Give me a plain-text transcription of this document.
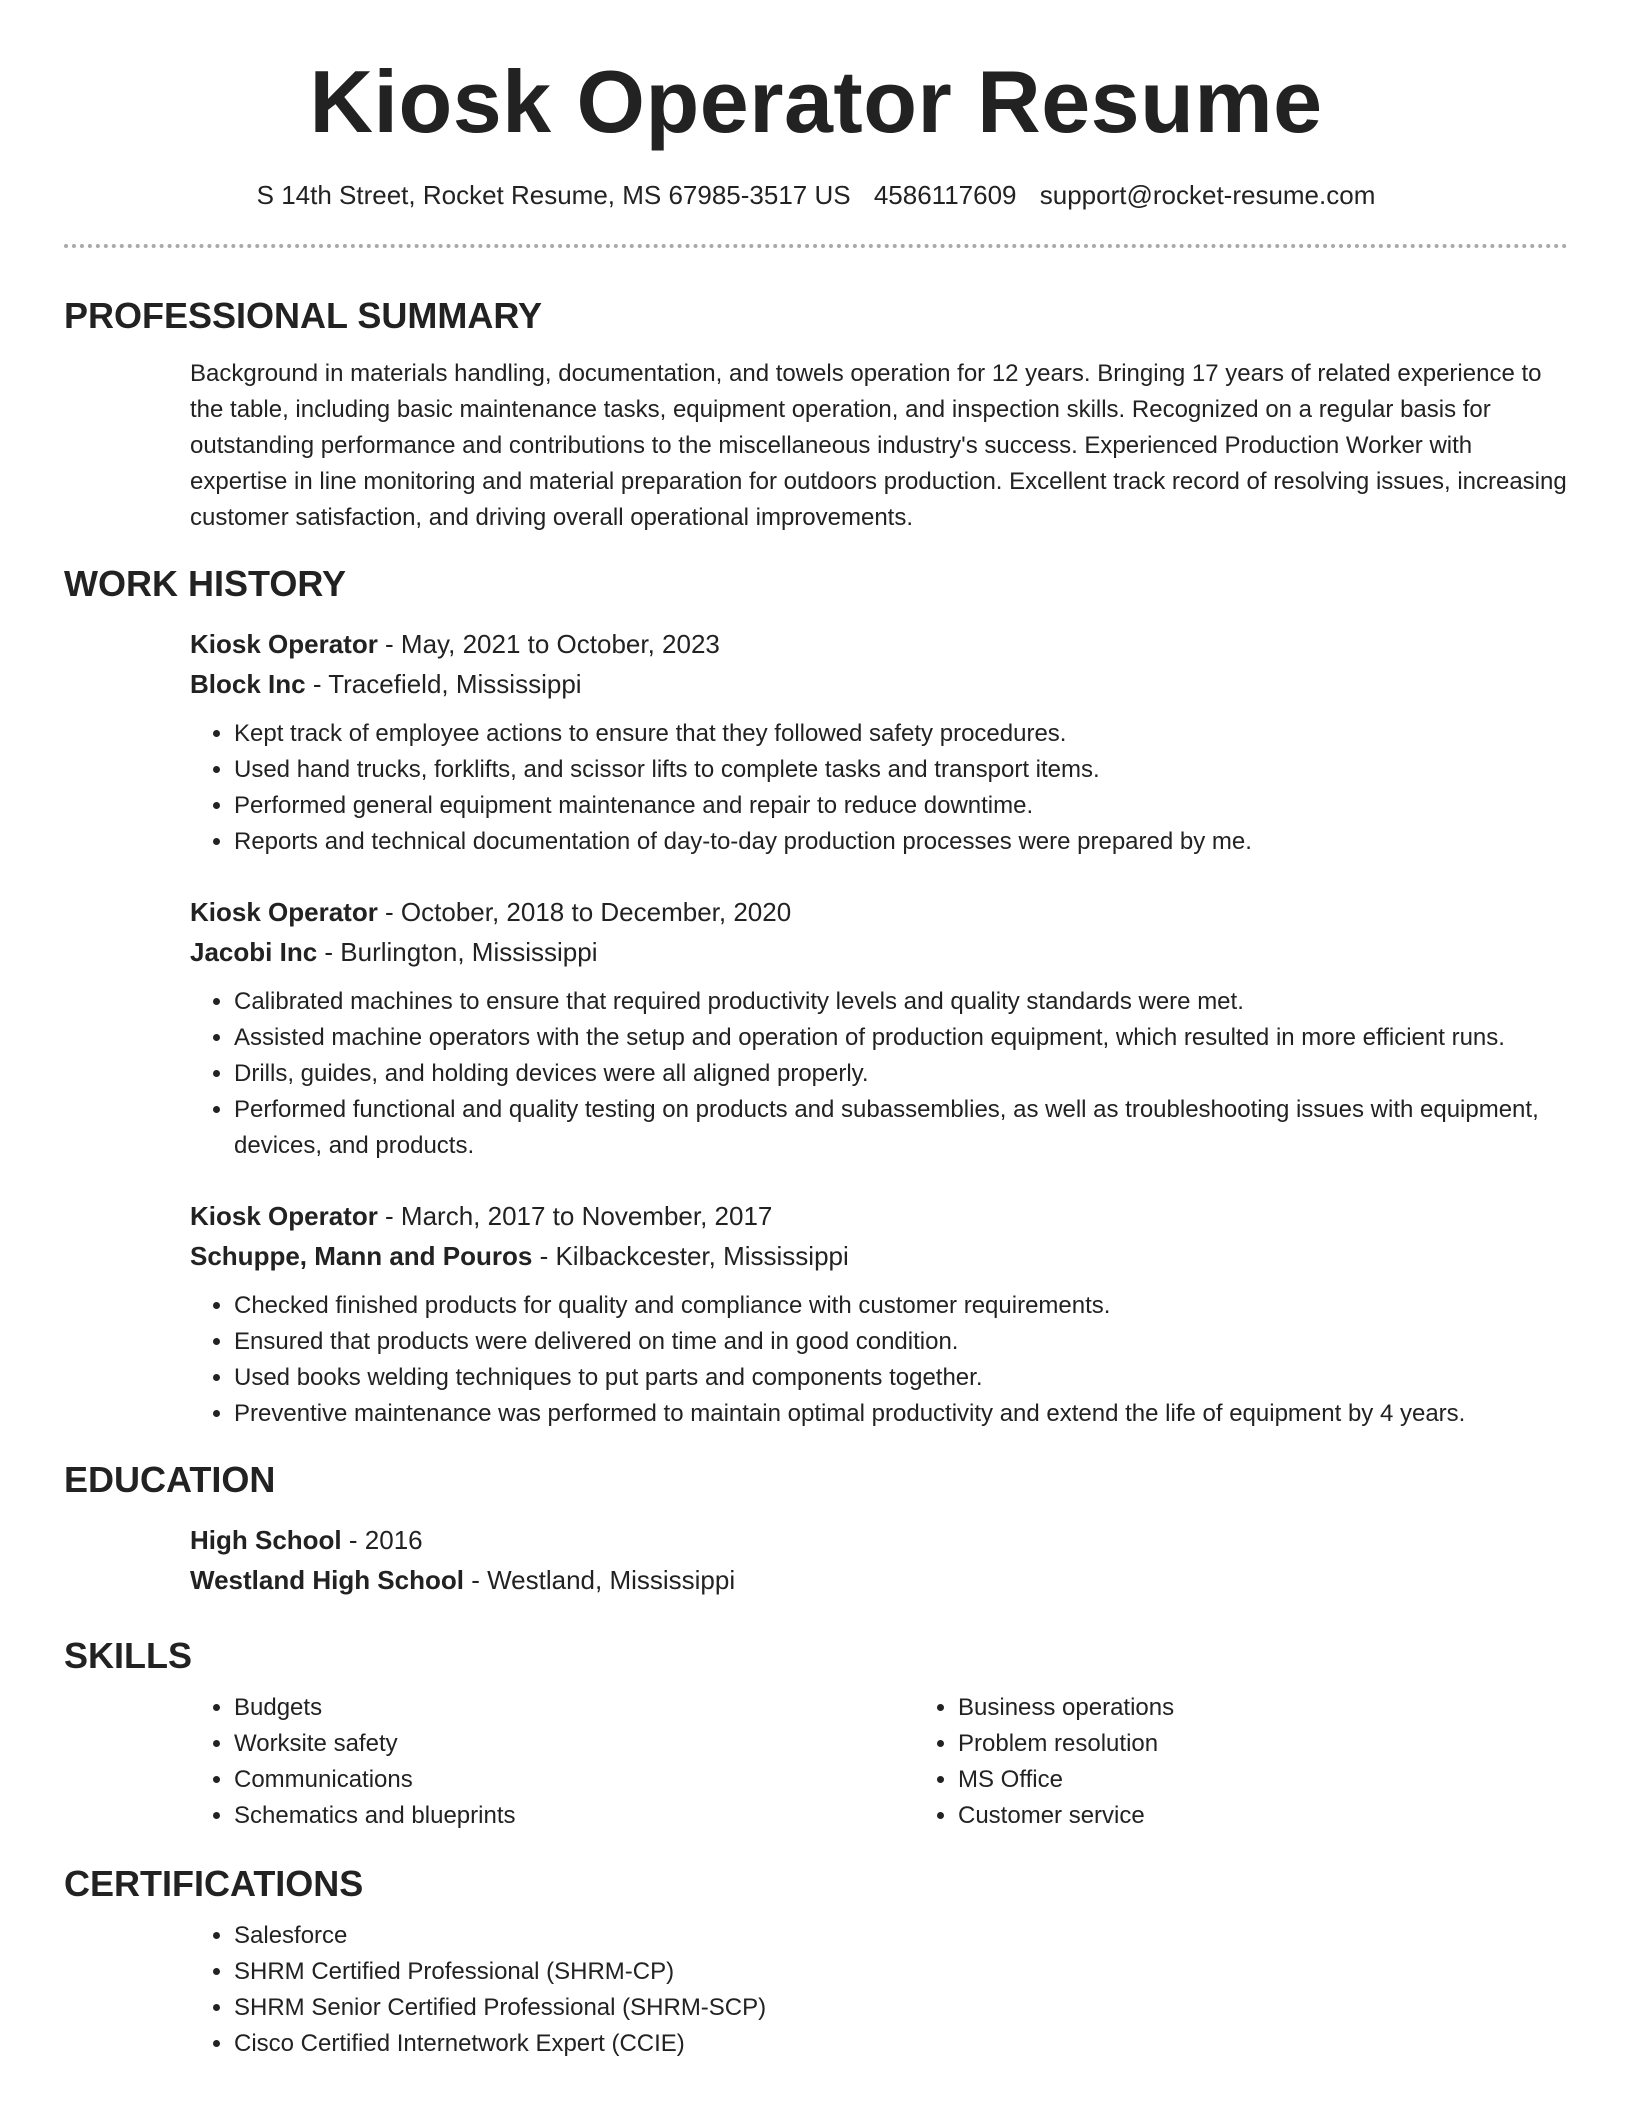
Kiosk Operator Resume
S 14th Street, Rocket Resume, MS 67985-3517 US 4586117609 support@rocket-resume.com
PROFESSIONAL SUMMARY
Background in materials handling, documentation, and towels operation for 12 years. Bringing 17 years of related experience to the table, including basic maintenance tasks, equipment operation, and inspection skills. Recognized on a regular basis for outstanding performance and contributions to the miscellaneous industry's success. Experienced Production Worker with expertise in line monitoring and material preparation for outdoors production. Excellent track record of resolving issues, increasing customer satisfaction, and driving overall operational improvements.
WORK HISTORY
Kiosk Operator - May, 2021 to October, 2023
Block Inc - Tracefield, Mississippi
• Kept track of employee actions to ensure that they followed safety procedures.
• Used hand trucks, forklifts, and scissor lifts to complete tasks and transport items.
• Performed general equipment maintenance and repair to reduce downtime.
• Reports and technical documentation of day-to-day production processes were prepared by me.
Kiosk Operator - October, 2018 to December, 2020
Jacobi Inc - Burlington, Mississippi
• Calibrated machines to ensure that required productivity levels and quality standards were met.
• Assisted machine operators with the setup and operation of production equipment, which resulted in more efficient runs.
• Drills, guides, and holding devices were all aligned properly.
• Performed functional and quality testing on products and subassemblies, as well as troubleshooting issues with equipment, devices, and products.
Kiosk Operator - March, 2017 to November, 2017
Schuppe, Mann and Pouros - Kilbackcester, Mississippi
• Checked finished products for quality and compliance with customer requirements.
• Ensured that products were delivered on time and in good condition.
• Used books welding techniques to put parts and components together.
• Preventive maintenance was performed to maintain optimal productivity and extend the life of equipment by 4 years.
EDUCATION
High School - 2016
Westland High School - Westland, Mississippi
SKILLS
• Budgets
• Worksite safety
• Communications
• Schematics and blueprints
• Business operations
• Problem resolution
• MS Office
• Customer service
CERTIFICATIONS
• Salesforce
• SHRM Certified Professional (SHRM-CP)
• SHRM Senior Certified Professional (SHRM-SCP)
• Cisco Certified Internetwork Expert (CCIE)
